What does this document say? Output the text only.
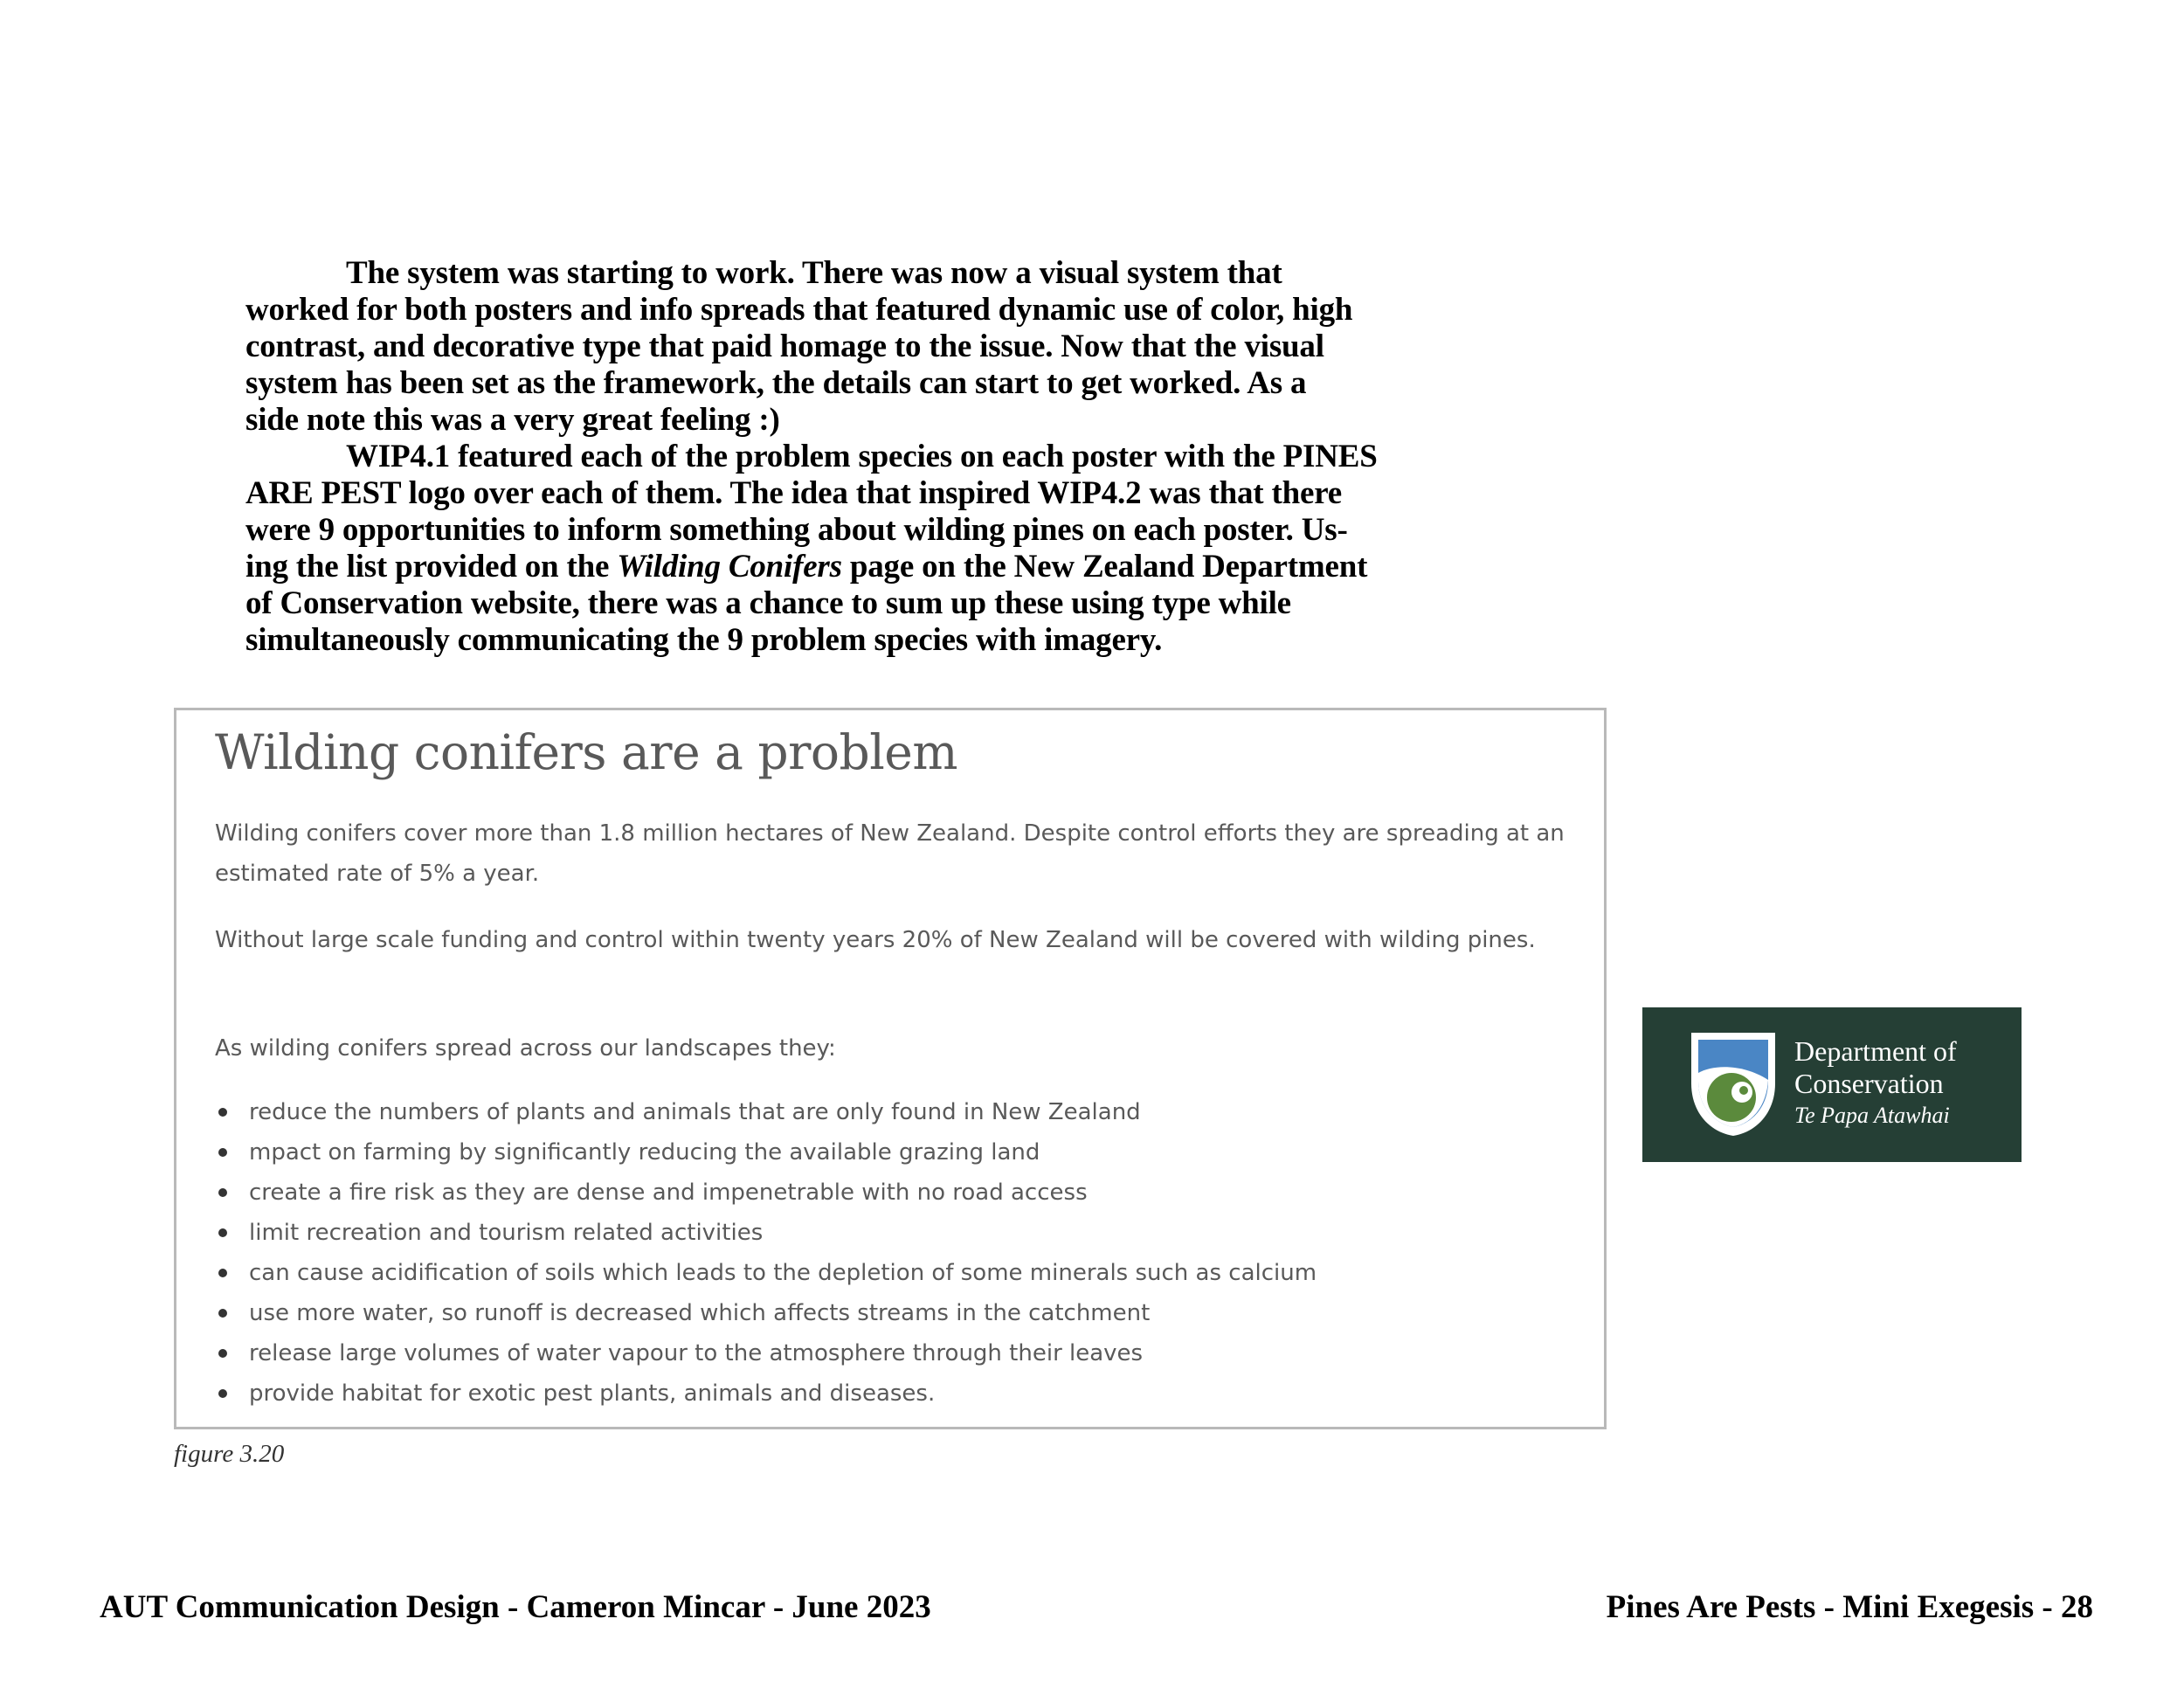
The system was starting to work. There was now a visual system that

worked for both posters and info spreads that featured dynamic use of color, high

contrast, and decorative type that paid homage to the issue. Now that the visual

system has been set as the framework, the details can start to get worked. As a

side note this was a very great feeling :)

WIP4.1 featured each of the problem species on each poster with the PINES

ARE PEST logo over each of them. The idea that inspired WIP4.2 was that there

were 9 opportunities to inform something about wilding pines on each poster. Us-

ing the list provided on the Wilding Conifers page on the New Zealand Department

of Conservation website, there was a chance to sum up these using type while

simultaneously communicating the 9 problem species with imagery.

Wilding conifers are a problem

Wilding conifers cover more than 1.8 million hectares of New Zealand. Despite control efforts they are spreading at an estimated rate of 5% a year.

Without large scale funding and control within twenty years 20% of New Zealand will be covered with wilding pines.

As wilding conifers spread across our landscapes they:

reduce the numbers of plants and animals that are only found in New Zealand
mpact on farming by significantly reducing the available grazing land
create a fire risk as they are dense and impenetrable with no road access
limit recreation and tourism related activities
can cause acidification of soils which leads to the depletion of some minerals such as calcium
use more water, so runoff is decreased which affects streams in the catchment
release large volumes of water vapour to the atmosphere through their leaves
provide habitat for exotic pest plants, animals and diseases.

figure 3.20

Department of
Conservation
Te Papa Atawhai

AUT Communication Design - Cameron Mincar - June 2023	Pines Are Pests - Mini Exegesis - 28
